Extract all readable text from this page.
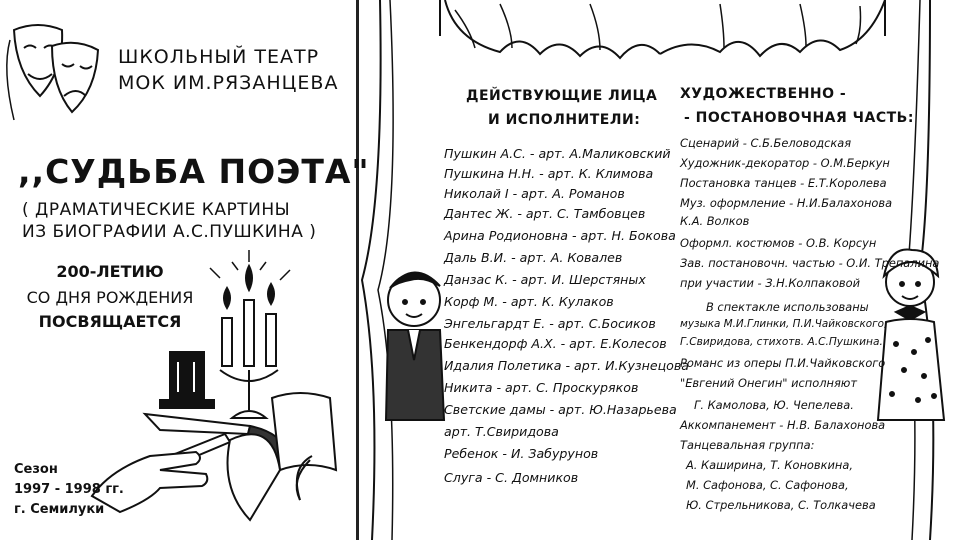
ШКОЛЬНЫЙ ТЕАТР
МОК ИМ.РЯЗАНЦЕВА
,,СУДЬБА ПОЭТА"
( ДРАМАТИЧЕСКИЕ КАРТИНЫ
ИЗ БИОГРАФИИ А.С.ПУШКИНА )
200-ЛЕТИЮ
СО ДНЯ РОЖДЕНИЯ
ПОСВЯЩАЕТСЯ
Сезон
1997 - 1998 гг.
г. Семилуки
ДЕЙСТВУЮЩИЕ ЛИЦА
И ИСПОЛНИТЕЛИ:
Пушкин А.С. - арт. А.Маликовский
Пушкина Н.Н. - арт. К. Климова
Николай I - арт. А. Романов
Дантес Ж. - арт. С. Тамбовцев
Арина Родионовна - арт. Н. Бокова
Даль В.И. - арт. А. Ковалев
Данзас К. - арт. И. Шерстяных
Корф М. - арт. К. Кулаков
Энгельгардт Е. - арт. С.Босиков
Бенкендорф А.Х. - арт. Е.Колесов
Идалия Полетика - арт. И.Кузнецова
Никита - арт. С. Проскуряков
Светские дамы - арт. Ю.Назарьева
арт. Т.Свиридова
Ребенок - И. Забурунов
Слуга - С. Домников
ХУДОЖЕСТВЕННО -
- ПОСТАНОВОЧНАЯ ЧАСТЬ:
Сценарий - С.Б.Беловодская
Художник-декоратор - О.М.Беркун
Постановка танцев - Е.Т.Королева
Муз. оформление - Н.И.Балахонова
К.А. Волков
Оформл. костюмов - О.В. Корсун
Зав. постановочн. частью - О.И. Трепалина
при участии - З.Н.Колпаковой
В спектакле использованы
музыка М.И.Глинки, П.И.Чайковского,
Г.Свиридова, стихотв. А.С.Пушкина.
Романс из оперы П.И.Чайковского
"Евгений Онегин" исполняют
Г. Камолова, Ю. Чепелева.
Аккомпанемент - Н.В. Балахонова
Танцевальная группа:
А. Каширина, Т. Коновкина,
М. Сафонова, С. Сафонова,
Ю. Стрельникова, С. Толкачева
